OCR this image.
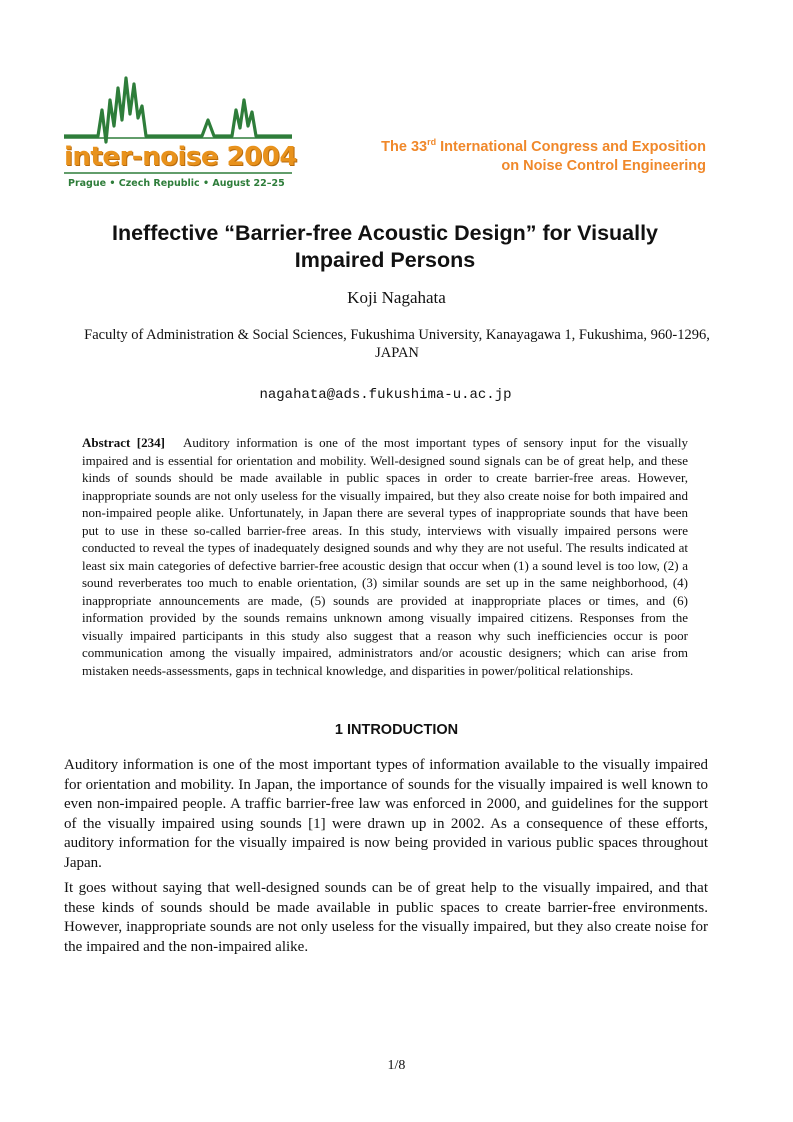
inter-noise 2004
Prague • Czech Republic • August 22–25
The 33rd International Congress and Exposition
on Noise Control Engineering
Ineffective “Barrier-free Acoustic Design” for Visually
Impaired Persons
Koji Nagahata
Faculty of Administration & Social Sciences, Fukushima University, Kanayagawa 1, Fukushima, 960-1296, JAPAN
nagahata@ads.fukushima-u.ac.jp
Abstract [234] Auditory information is one of the most important types of sensory input for the visually impaired and is essential for orientation and mobility. Well-designed sound signals can be of great help, and these kinds of sounds should be made available in public spaces in order to create barrier-free areas. However, inappropriate sounds are not only useless for the visually impaired, but they also create noise for both impaired and non-impaired people alike. Unfortunately, in Japan there are several types of inappropriate sounds that have been put to use in these so-called barrier-free areas. In this study, interviews with visually impaired persons were conducted to reveal the types of inadequately designed sounds and why they are not useful. The results indicated at least six main categories of defective barrier-free acoustic design that occur when (1) a sound level is too low, (2) a sound reverberates too much to enable orientation, (3) similar sounds are set up in the same neighborhood, (4) inappropriate announcements are made, (5) sounds are provided at inappropriate places or times, and (6) information provided by the sounds remains unknown among visually impaired citizens. Responses from the visually impaired participants in this study also suggest that a reason why such inefficiencies occur is poor communication among the visually impaired, administrators and/or acoustic designers; which can arise from mistaken needs-assessments, gaps in technical knowledge, and disparities in power/political relationships.
1 INTRODUCTION
Auditory information is one of the most important types of information available to the visually impaired for orientation and mobility. In Japan, the importance of sounds for the visually impaired is well known to even non-impaired people. A traffic barrier-free law was enforced in 2000, and guidelines for the support of the visually impaired using sounds [1] were drawn up in 2002. As a consequence of these efforts, auditory information for the visually impaired is now being provided in various public spaces throughout Japan.
It goes without saying that well-designed sounds can be of great help to the visually impaired, and that these kinds of sounds should be made available in public spaces to create barrier-free environments. However, inappropriate sounds are not only useless for the visually impaired, but they also create noise for the impaired and the non-impaired alike.
1/8
